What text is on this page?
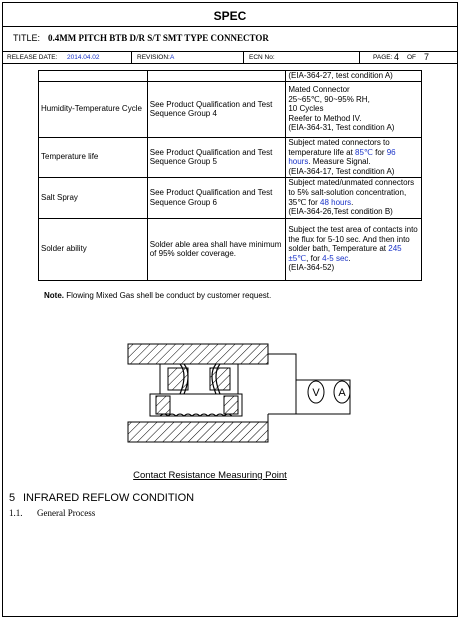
SPEC
TITLE: 0.4MM PITCH BTB D/R S/T SMT TYPE CONNECTOR
RELEASE DATE: 2014.04.02	REVISION: A	ECN No:	PAGE: 4 OF 7
		(EIA-364-27, test condition A)
Humidity-Temperature Cycle	See Product Qualification and Test Sequence Group 4	Mated Connector
25~65℃, 90~95% RH,
10 Cycles
Reefer to Method IV.
(EIA-364-31, Test condition A)

Temperature life	See Product Qualification and Test Sequence Group 5	Subject mated connectors to temperature life at 85℃ for 96 hours. Measure Signal.
(EIA-364-17, Test condition A)
Salt Spray	See Product Qualification and Test Sequence Group 6	Subject mated/unmated connectors to 5% salt-solution concentration, 35℃ for 48 hours.
(EIA-364-26,Test condition B)
Solder ability	Solder able area shall have minimum of 95% solder coverage.	Subject the test area of contacts into the flux for 5-10 sec. And then into solder bath, Temperature at 245 ±5℃, for 4-5 sec.
(EIA-364-52)
Note. Flowing Mixed Gas shell be conduct by customer request.
V A
Contact Resistance Measuring Point
5 INFRARED REFLOW CONDITION
1.1. General Process
